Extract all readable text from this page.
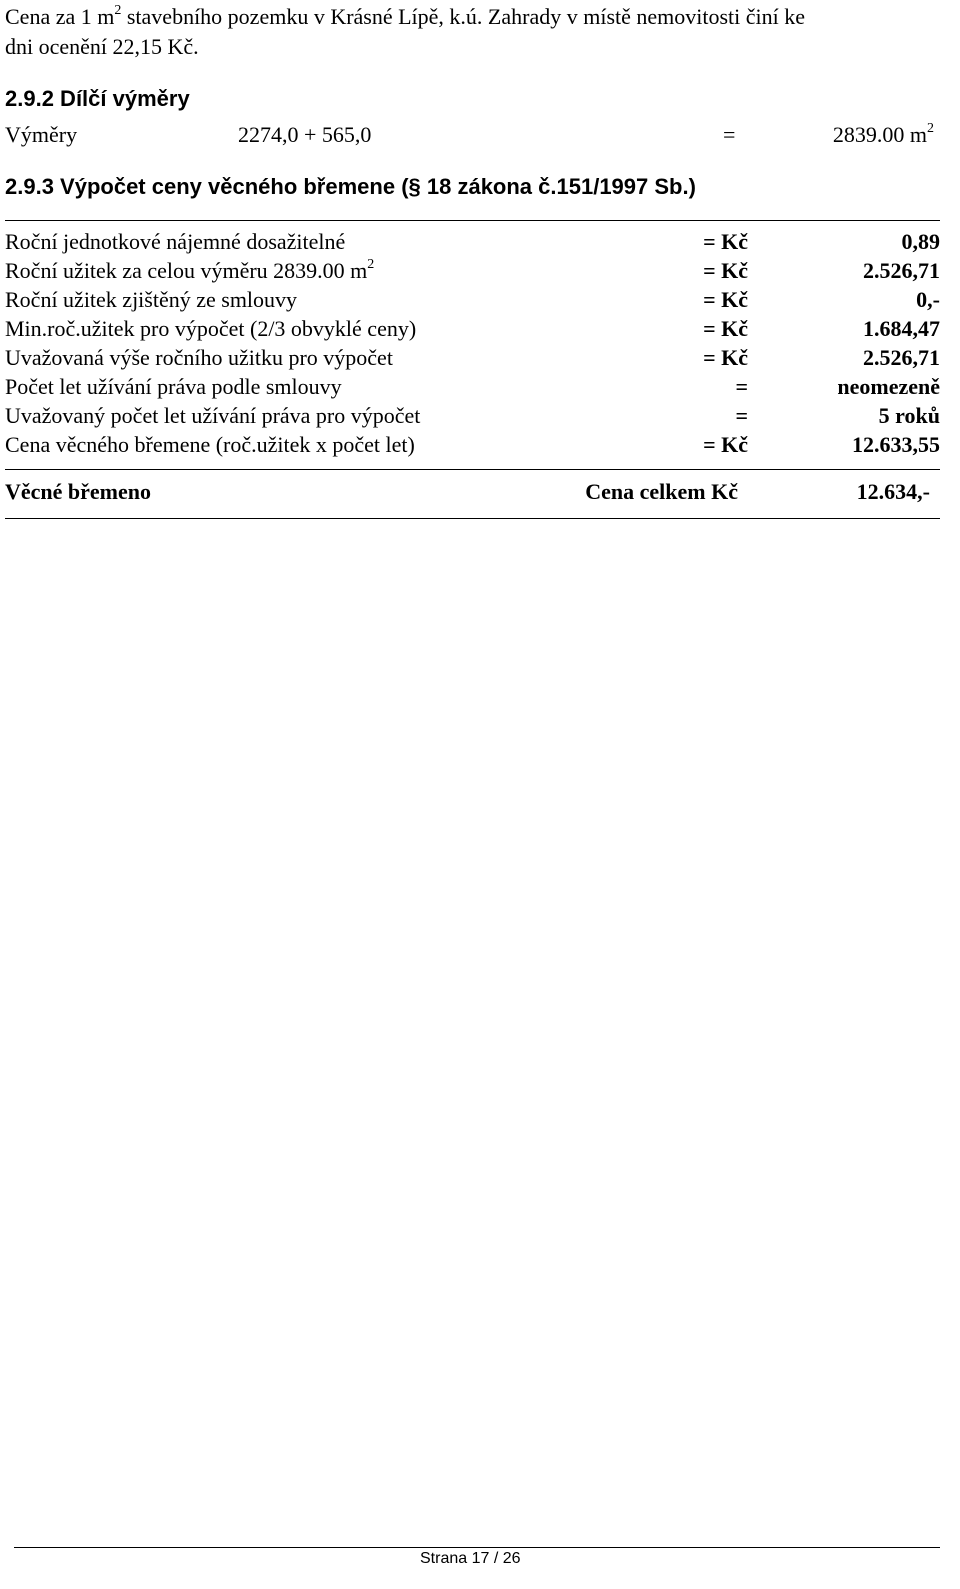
Cena za 1 $m^2$ stavebního pozemku v Krásné Lípě, k.ú. Zahrady v místě nemovitosti činí ke
dni ocenění 22,15 Kč.
2.9.2 Dílčí výměry
Výměry	2274,0 + 565,0	=	2839.00 $m^2$
2.9.3 Výpočet ceny věcného břemene (§ 18 zákona č.151/1997 Sb.)
Roční jednotkové nájemné dosažitelné	= Kč	0,89
Roční užitek za celou výměru 2839.00 $m^2$	= Kč	2.526,71
Roční užitek zjištěný ze smlouvy	= Kč	0,-
Min.roč.užitek pro výpočet (2/3 obvyklé ceny)	= Kč	1.684,47
Uvažovaná výše ročního užitku pro výpočet	= Kč	2.526,71
Počet let užívání práva podle smlouvy	=	neomezeně
Uvažovaný počet let užívání práva pro výpočet	=	5 roků
Cena věcného břemene (roč.užitek x počet let)	= Kč	12.633,55
Věcné břemeno	Cena celkem Kč	12.634,-
Strana 17 / 26
